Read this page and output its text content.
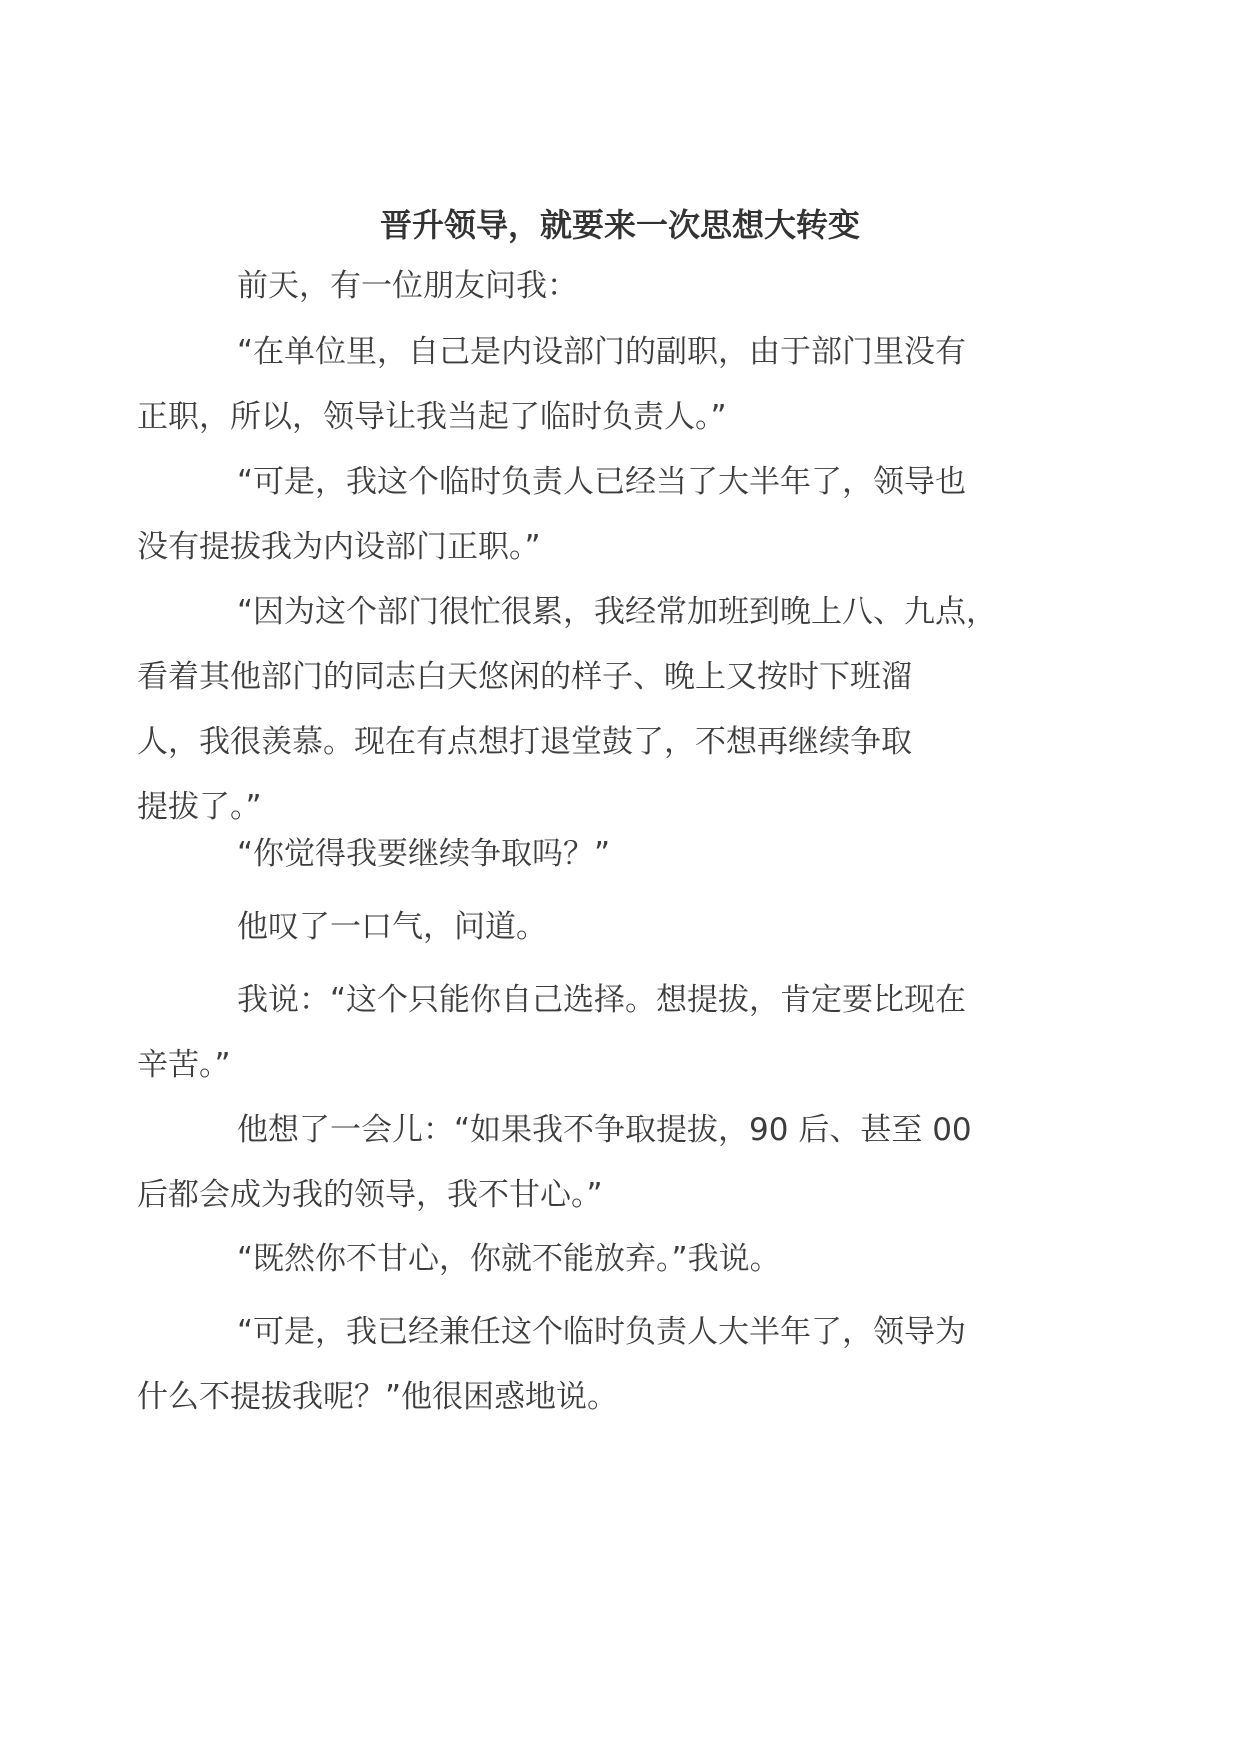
晋升领导，就要来一次思想大转变
前天，有一位朋友问我：
“在单位里，自己是内设部门的副职，由于部门里没有
正职，所以，领导让我当起了临时负责人。”
“可是，我这个临时负责人已经当了大半年了，领导也
没有提拔我为内设部门正职。”
“因为这个部门很忙很累，我经常加班到晚上八、九点，
看着其他部门的同志白天悠闲的样子、晚上又按时下班溜
人，我很羡慕。现在有点想打退堂鼓了，不想再继续争取
提拔了。”
“你觉得我要继续争取吗？”
他叹了一口气，问道。
我说：“这个只能你自己选择。想提拔，肯定要比现在
辛苦。”
他想了一会儿：“如果我不争取提拔，90 后、甚至 00
后都会成为我的领导，我不甘心。”
“既然你不甘心，你就不能放弃。”我说。
“可是，我已经兼任这个临时负责人大半年了，领导为
什么不提拔我呢？”他很困惑地说。
